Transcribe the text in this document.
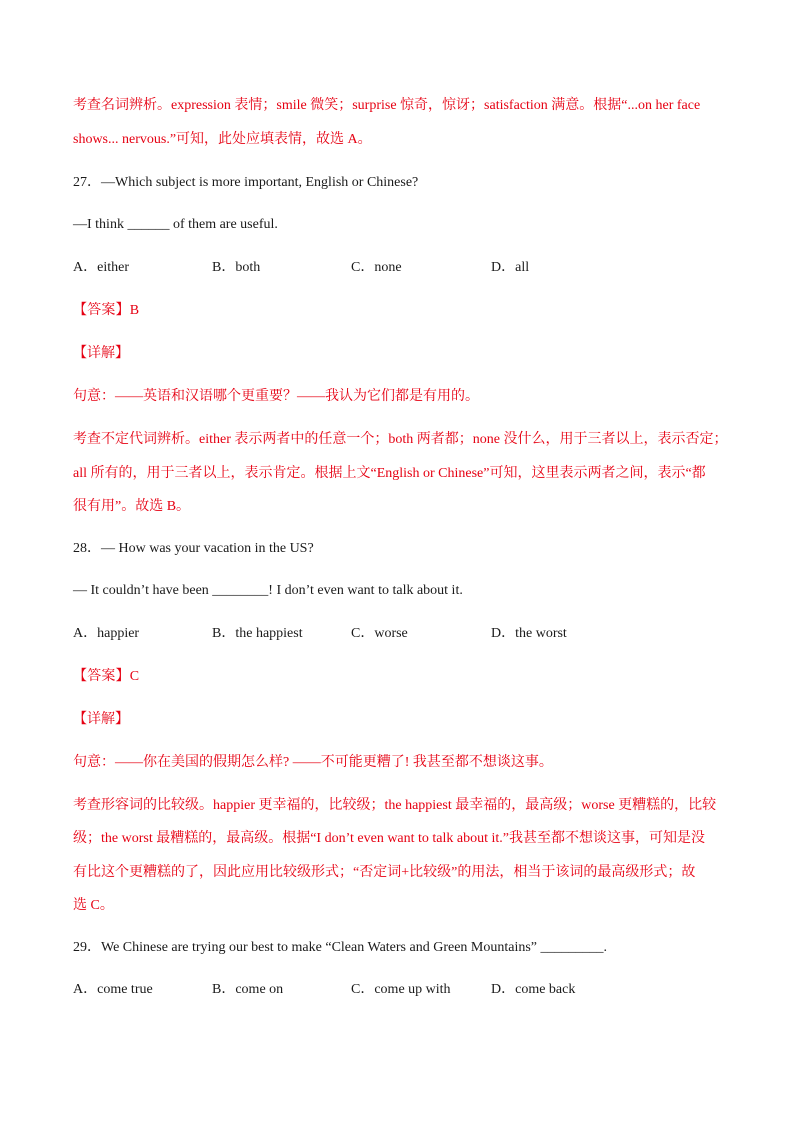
考查名词辨析。expression 表情；smile 微笑；surprise 惊奇，惊讶；satisfaction 满意。根据“...on her face
shows... nervous.”可知，此处应填表情，故选 A。
27．—Which subject is more important, English or Chinese?
—I think ______ of them are useful.
A．either	B．both	C．none	D．all
【答案】B
【详解】
句意：——英语和汉语哪个更重要？——我认为它们都是有用的。
考查不定代词辨析。either 表示两者中的任意一个；both 两者都；none 没什么，用于三者以上，表示否定；
all 所有的，用于三者以上，表示肯定。根据上文“English or Chinese”可知，这里表示两者之间，表示“都
很有用”。故选 B。
28．— How was your vacation in the US?
— It couldn’t have been ________! I don’t even want to talk about it.
A．happier	B．the happiest	C．worse	D．the worst
【答案】C
【详解】
句意：——你在美国的假期怎么样? ——不可能更糟了! 我甚至都不想谈这事。
考查形容词的比较级。happier 更幸福的，比较级；the happiest 最幸福的，最高级；worse 更糟糕的，比较
级；the worst 最糟糕的，最高级。根据“I don’t even want to talk about it.”我甚至都不想谈这事，可知是没
有比这个更糟糕的了，因此应用比较级形式；“否定词+比较级”的用法，相当于该词的最高级形式；故
选 C。
29．We Chinese are trying our best to make “Clean Waters and Green Mountains” _________.
A．come true	B．come on	C．come up with	D．come back
